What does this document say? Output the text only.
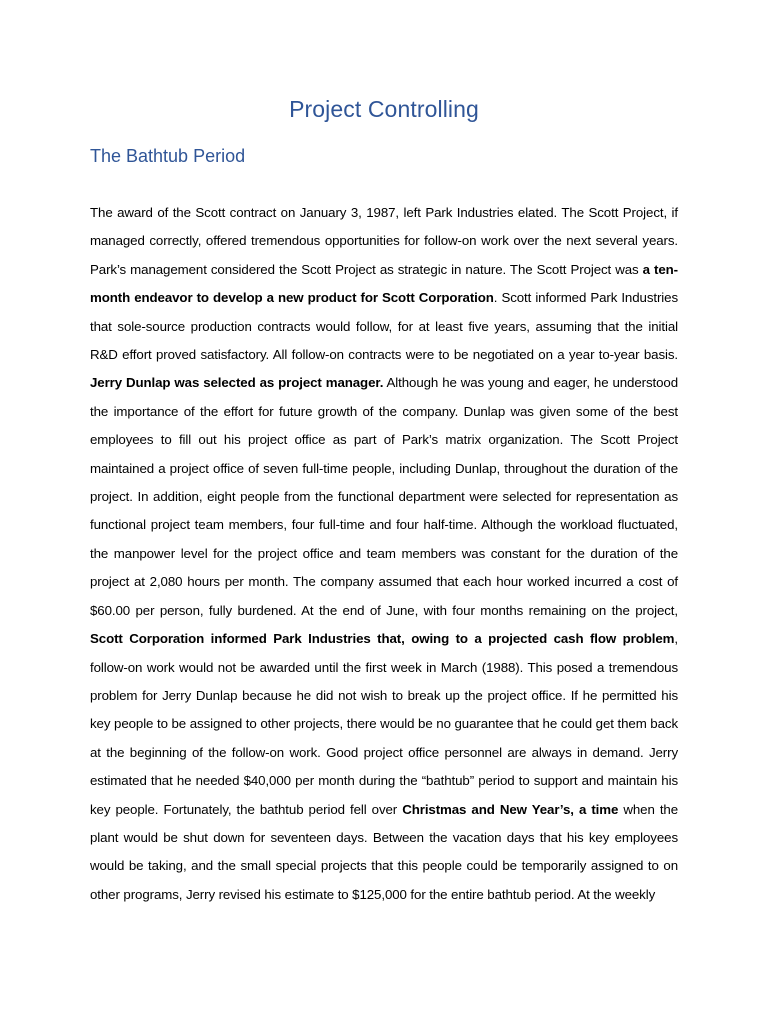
Project Controlling
The Bathtub Period

The award of the Scott contract on January 3, 1987, left Park Industries elated. The Scott Project, if managed correctly, offered tremendous opportunities for follow-on work over the next several years. Park’s management considered the Scott Project as strategic in nature. The Scott Project was a ten-month endeavor to develop a new product for Scott Corporation. Scott informed Park Industries that sole-source production contracts would follow, for at least five years, assuming that the initial R&D effort proved satisfactory. All follow-on contracts were to be negotiated on a year to-year basis. Jerry Dunlap was selected as project manager. Although he was young and eager, he understood the importance of the effort for future growth of the company. Dunlap was given some of the best employees to fill out his project office as part of Park’s matrix organization. The Scott Project maintained a project office of seven full-time people, including Dunlap, throughout the duration of the project. In addition, eight people from the functional department were selected for representation as functional project team members, four full-time and four half-time. Although the workload fluctuated, the manpower level for the project office and team members was constant for the duration of the project at 2,080 hours per month. The company assumed that each hour worked incurred a cost of $60.00 per person, fully burdened. At the end of June, with four months remaining on the project, Scott Corporation informed Park Industries that, owing to a projected cash flow problem, follow-on work would not be awarded until the first week in March (1988). This posed a tremendous problem for Jerry Dunlap because he did not wish to break up the project office. If he permitted his key people to be assigned to other projects, there would be no guarantee that he could get them back at the beginning of the follow-on work. Good project office personnel are always in demand. Jerry estimated that he needed $40,000 per month during the “bathtub” period to support and maintain his key people. Fortunately, the bathtub period fell over Christmas and New Year’s, a time when the plant would be shut down for seventeen days. Between the vacation days that his key employees would be taking, and the small special projects that this people could be temporarily assigned to on other programs, Jerry revised his estimate to $125,000 for the entire bathtub period. At the weekly
